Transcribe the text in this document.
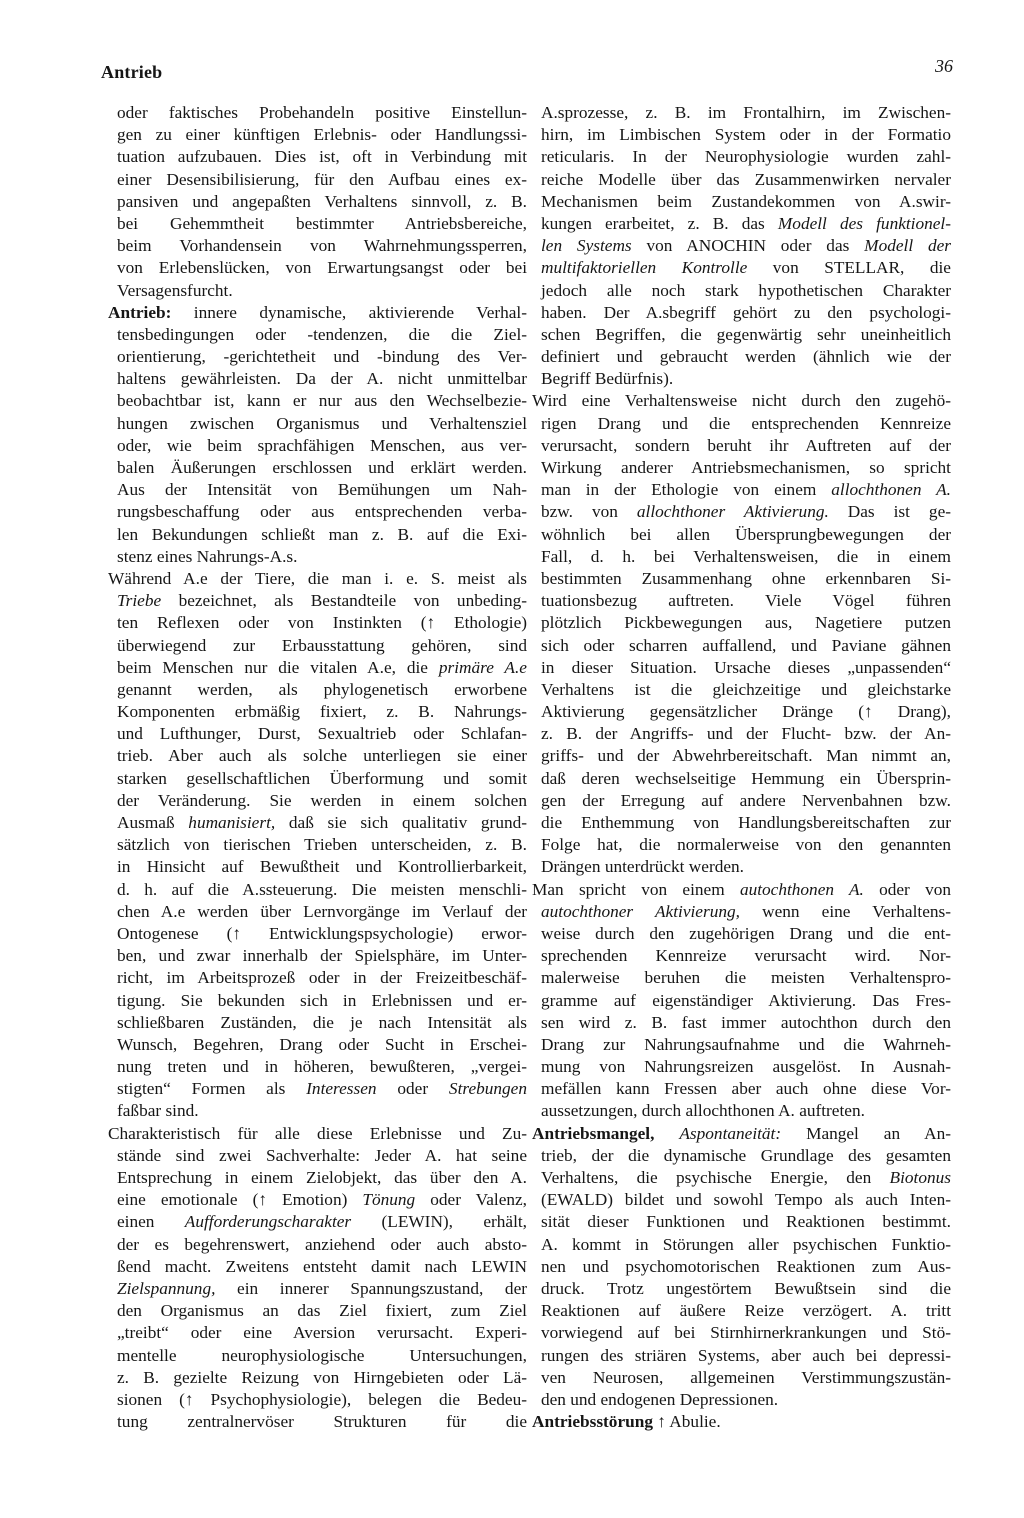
Antrieb	36
oder faktisches Probehandeln positive Einstellun-
gen zu einer künftigen Erlebnis- oder Handlungssi-
tuation aufzubauen. Dies ist, oft in Verbindung mit
einer Desensibilisierung, für den Aufbau eines ex-
pansiven und angepaßten Verhaltens sinnvoll, z. B.
bei Gehemmtheit bestimmter Antriebsbereiche,
beim Vorhandensein von Wahrnehmungssperren,
von Erlebenslücken, von Erwartungsangst oder bei
Versagensfurcht.
Antrieb: innere dynamische, aktivierende Verhal-
tensbedingungen oder -tendenzen, die die Ziel-
orientierung, -gerichtetheit und -bindung des Ver-
haltens gewährleisten. Da der A. nicht unmittelbar
beobachtbar ist, kann er nur aus den Wechselbezie-
hungen zwischen Organismus und Verhaltensziel
oder, wie beim sprachfähigen Menschen, aus ver-
balen Äußerungen erschlossen und erklärt werden.
Aus der Intensität von Bemühungen um Nah-
rungsbeschaffung oder aus entsprechenden verba-
len Bekundungen schließt man z. B. auf die Exi-
stenz eines Nahrungs-A.s.
Während A.e der Tiere, die man i. e. S. meist als
Triebe bezeichnet, als Bestandteile von unbeding-
ten Reflexen oder von Instinkten (↑ Ethologie)
überwiegend zur Erbausstattung gehören, sind
beim Menschen nur die vitalen A.e, die primäre A.e
genannt werden, als phylogenetisch erworbene
Komponenten erbmäßig fixiert, z. B. Nahrungs-
und Lufthunger, Durst, Sexualtrieb oder Schlafan-
trieb. Aber auch als solche unterliegen sie einer
starken gesellschaftlichen Überformung und somit
der Veränderung. Sie werden in einem solchen
Ausmaß humanisiert, daß sie sich qualitativ grund-
sätzlich von tierischen Trieben unterscheiden, z. B.
in Hinsicht auf Bewußtheit und Kontrollierbarkeit,
d. h. auf die A.ssteuerung. Die meisten menschli-
chen A.e werden über Lernvorgänge im Verlauf der
Ontogenese (↑ Entwicklungspsychologie) erwor-
ben, und zwar innerhalb der Spielsphäre, im Unter-
richt, im Arbeitsprozeß oder in der Freizeitbeschäf-
tigung. Sie bekunden sich in Erlebnissen und er-
schließbaren Zuständen, die je nach Intensität als
Wunsch, Begehren, Drang oder Sucht in Erschei-
nung treten und in höheren, bewußteren, „vergei-
stigten“ Formen als Interessen oder Strebungen
faßbar sind.
Charakteristisch für alle diese Erlebnisse und Zu-
stände sind zwei Sachverhalte: Jeder A. hat seine
Entsprechung in einem Zielobjekt, das über den A.
eine emotionale (↑ Emotion) Tönung oder Valenz,
einen Aufforderungscharakter (LEWIN), erhält,
der es begehrenswert, anziehend oder auch absto-
ßend macht. Zweitens entsteht damit nach LEWIN
Zielspannung, ein innerer Spannungszustand, der
den Organismus an das Ziel fixiert, zum Ziel
„treibt“ oder eine Aversion verursacht. Experi-
mentelle neurophysiologische Untersuchungen,
z. B. gezielte Reizung von Hirngebieten oder Lä-
sionen (↑ Psychophysiologie), belegen die Bedeu-
tung zentralnervöser Strukturen für die
A.sprozesse, z. B. im Frontalhirn, im Zwischen-
hirn, im Limbischen System oder in der Formatio
reticularis. In der Neurophysiologie wurden zahl-
reiche Modelle über das Zusammenwirken nervaler
Mechanismen beim Zustandekommen von A.swir-
kungen erarbeitet, z. B. das Modell des funktionel-
len Systems von ANOCHIN oder das Modell der
multifaktoriellen Kontrolle von STELLAR, die
jedoch alle noch stark hypothetischen Charakter
haben. Der A.sbegriff gehört zu den psychologi-
schen Begriffen, die gegenwärtig sehr uneinheitlich
definiert und gebraucht werden (ähnlich wie der
Begriff Bedürfnis).
Wird eine Verhaltensweise nicht durch den zugehö-
rigen Drang und die entsprechenden Kennreize
verursacht, sondern beruht ihr Auftreten auf der
Wirkung anderer Antriebsmechanismen, so spricht
man in der Ethologie von einem allochthonen A.
bzw. von allochthoner Aktivierung. Das ist ge-
wöhnlich bei allen Übersprungbewegungen der
Fall, d. h. bei Verhaltensweisen, die in einem
bestimmten Zusammenhang ohne erkennbaren Si-
tuationsbezug auftreten. Viele Vögel führen
plötzlich Pickbewegungen aus, Nagetiere putzen
sich oder scharren auffallend, und Paviane gähnen
in dieser Situation. Ursache dieses „unpassenden“
Verhaltens ist die gleichzeitige und gleichstarke
Aktivierung gegensätzlicher Dränge (↑ Drang),
z. B. der Angriffs- und der Flucht- bzw. der An-
griffs- und der Abwehrbereitschaft. Man nimmt an,
daß deren wechselseitige Hemmung ein Übersprin-
gen der Erregung auf andere Nervenbahnen bzw.
die Enthemmung von Handlungsbereitschaften zur
Folge hat, die normalerweise von den genannten
Drängen unterdrückt werden.
Man spricht von einem autochthonen A. oder von
autochthoner Aktivierung, wenn eine Verhaltens-
weise durch den zugehörigen Drang und die ent-
sprechenden Kennreize verursacht wird. Nor-
malerweise beruhen die meisten Verhaltenspro-
gramme auf eigenständiger Aktivierung. Das Fres-
sen wird z. B. fast immer autochthon durch den
Drang zur Nahrungsaufnahme und die Wahrneh-
mung von Nahrungsreizen ausgelöst. In Ausnah-
mefällen kann Fressen aber auch ohne diese Vor-
aussetzungen, durch allochthonen A. auftreten.
Antriebsmangel, Aspontaneität: Mangel an An-
trieb, der die dynamische Grundlage des gesamten
Verhaltens, die psychische Energie, den Biotonus
(EWALD) bildet und sowohl Tempo als auch Inten-
sität dieser Funktionen und Reaktionen bestimmt.
A. kommt in Störungen aller psychischen Funktio-
nen und psychomotorischen Reaktionen zum Aus-
druck. Trotz ungestörtem Bewußtsein sind die
Reaktionen auf äußere Reize verzögert. A. tritt
vorwiegend auf bei Stirnhirnerkrankungen und Stö-
rungen des striären Systems, aber auch bei depressi-
ven Neurosen, allgemeinen Verstimmungszustän-
den und endogenen Depressionen.
Antriebsstörung ↑ Abulie.
